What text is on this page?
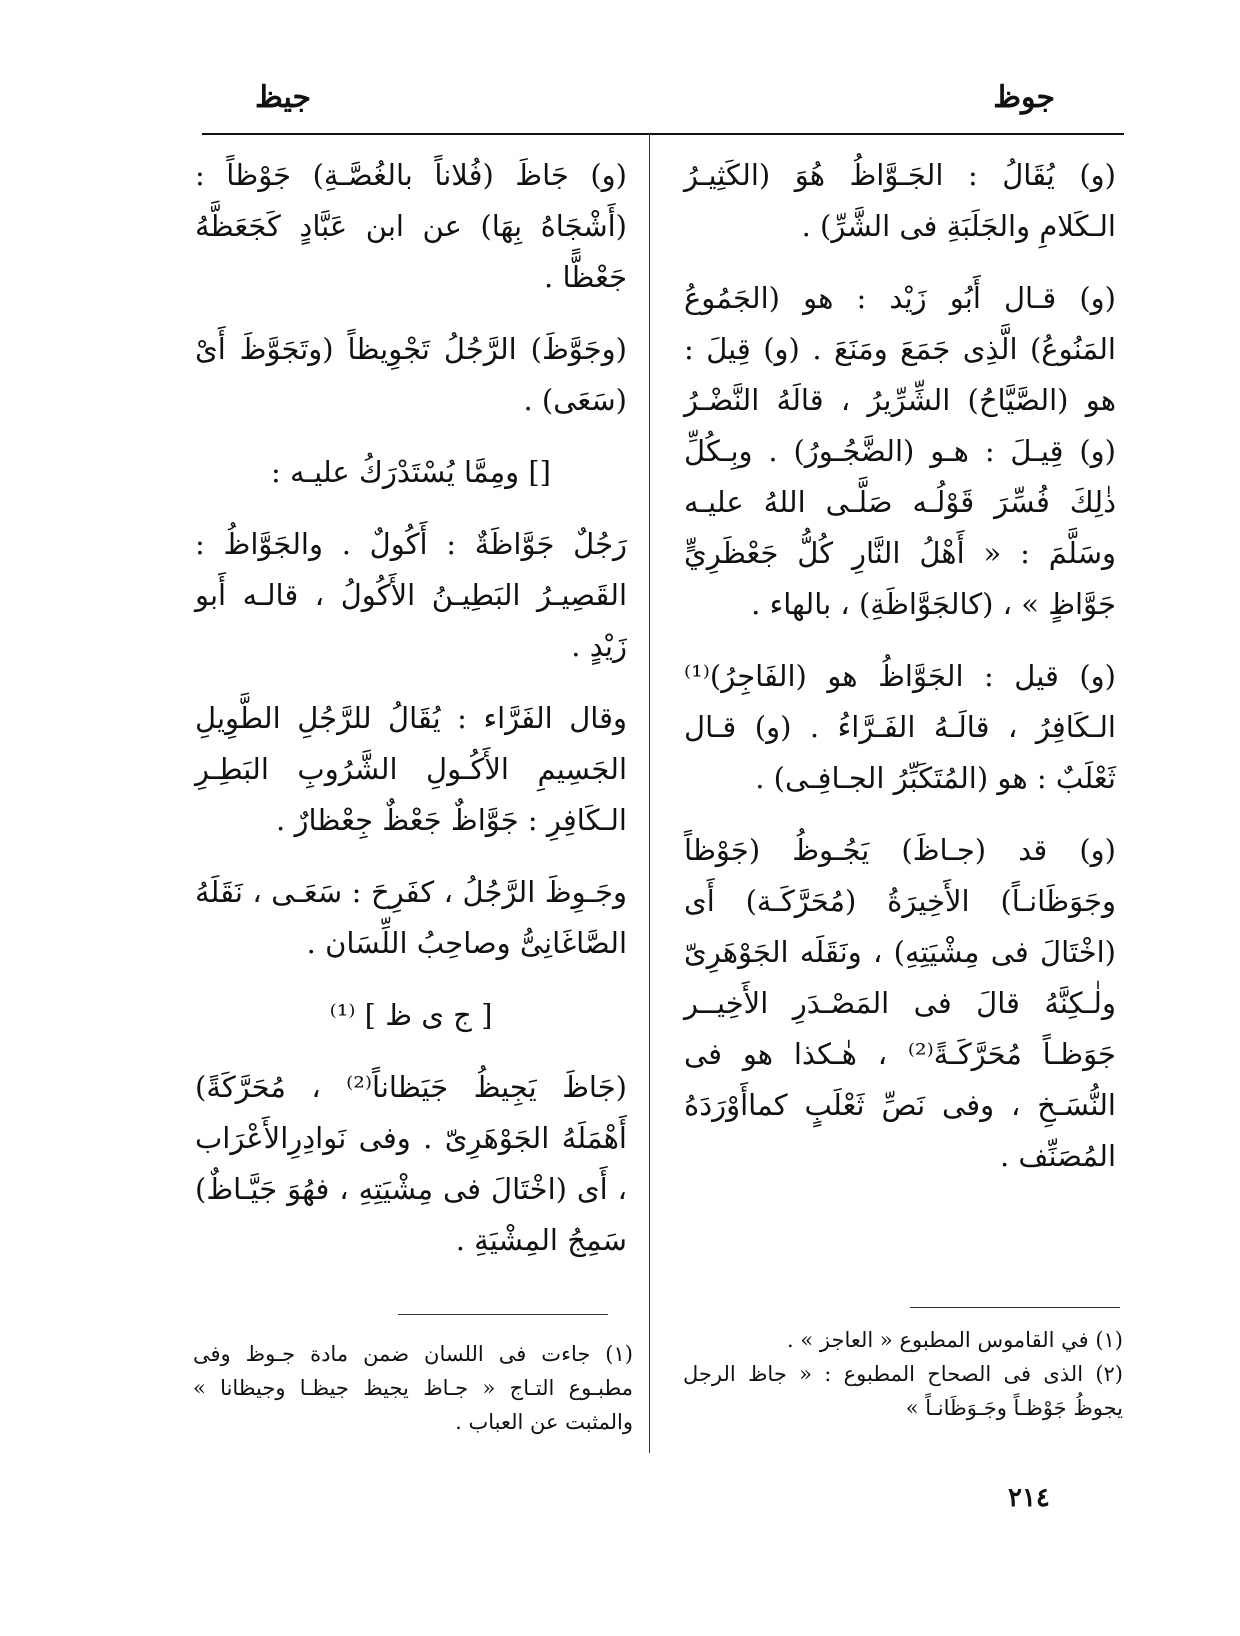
جوظ
جيظ

(و) يُقَالُ : الجَـوَّاظُ هُوَ (الكَثِيـرُ الـكَلامِ والجَلَبَةِ فى الشَّرِّ) .

(و) قـال أَبُو زَيْد : هو (الجَمُوعُ المَنُوعُ) الَّذِى جَمَعَ ومَنَعَ . (و) قِيلَ : هو (الصَّيَّاحُ) الشِّرِّيرُ ، قالَهُ النَّضْـرُ (و) قِيـلَ : هـو (الضَّجُـورُ) . وبِـكُلِّ ذٰلِكَ فُسِّرَ قَوْلُـه صَلَّـى اللهُ عليـه وسَلَّمَ : « أَهْلُ النَّارِ كُلُّ جَعْظَرِيٍّ جَوَّاظٍ » ، (كالجَوَّاظَةِ) ، بالهاء .

(و) قيل : الجَوَّاظُ هو (الفَاجِرُ)⁽¹⁾ الـكَافِرُ ، قالَـهُ الفَـرَّاءُ . (و) قـال ثَعْلَبٌ : هو (المُتَكَبِّرُ الجـافِـى) .

(و) قد (جـاظَ) يَجُـوظُ (جَوْظاً وجَوَظَانـاً) الأَخِيرَةُ (مُحَرَّكَـة) أَى (اخْتَالَ فى مِشْيَتِهِ) ، ونَقَلَه الجَوْهَرِىّ ولٰـكِنَّهُ قالَ فى المَصْـدَرِ الأَخِيــر جَوَظـاً مُحَرَّكَـةً⁽²⁾ ، هٰـكذا هو فى النُّسَـخِ ، وفى نَصِّ ثَعْلَبٍ كماأَوْرَدَهُ المُصَنِّف .

(و) جَاظَ (فُلاناً بالغُصَّـةِ) جَوْظاً : (أَشْجَاهُ بِهَا) عن ابن عَبَّادٍ كَجَعَظَّهُ جَعْظًّا .

(وجَوَّظَ) الرَّجُلُ تَجْوِيظاً (وتَجَوَّظَ أَىْ (سَعَى) .

[] ومِمَّا يُسْتَدْرَكُ عليـه :

رَجُلٌ جَوَّاظَةٌ : أَكُولٌ . والجَوَّاظُ : القَصِيـرُ البَطِيـنُ الأَكُولُ ، قالـه أَبو زَيْدٍ .

وقال الفَرَّاء : يُقَالُ للرَّجُلِ الطَّوِيلِ الجَسِيمِ الأَكُـولِ الشَّرُوبِ البَطِـرِ الـكَافِرِ : جَوَّاظٌ جَعْظٌ جِعْظارٌ .

وجَـوِظَ الرَّجُلُ ، كفَرِحَ : سَعَـى ، نَقَلَهُ الصَّاغَانِىُّ وصاحِبُ اللِّسَان .

[ ج ى ظ ] ⁽¹⁾

(جَاظَ يَجِيظُ جَيَظاناً⁽²⁾ ، مُحَرَّكَةً) أَهْمَلَهُ الجَوْهَرِىّ . وفى نَوادِرِالأَعْرَاب ، أَى (اخْتَالَ فى مِشْيَتِهِ ، فهُوَ جَيَّـاظٌ) سَمِجُ المِشْيَةِ .

(١) في القاموس المطبوع « العاجز » .

(٢) الذى فى الصحاح المطبوع : « جاظ الرجل يجوظُ جَوْظـاً وجَـوَظَانـاً »

(١) جاءت فى اللسان ضمن مادة جـوظ وفى مطبـوع التـاج « جـاظ يجيظ جيظـا وجيظانا » والمثبت عن العباب .

٢١٤
